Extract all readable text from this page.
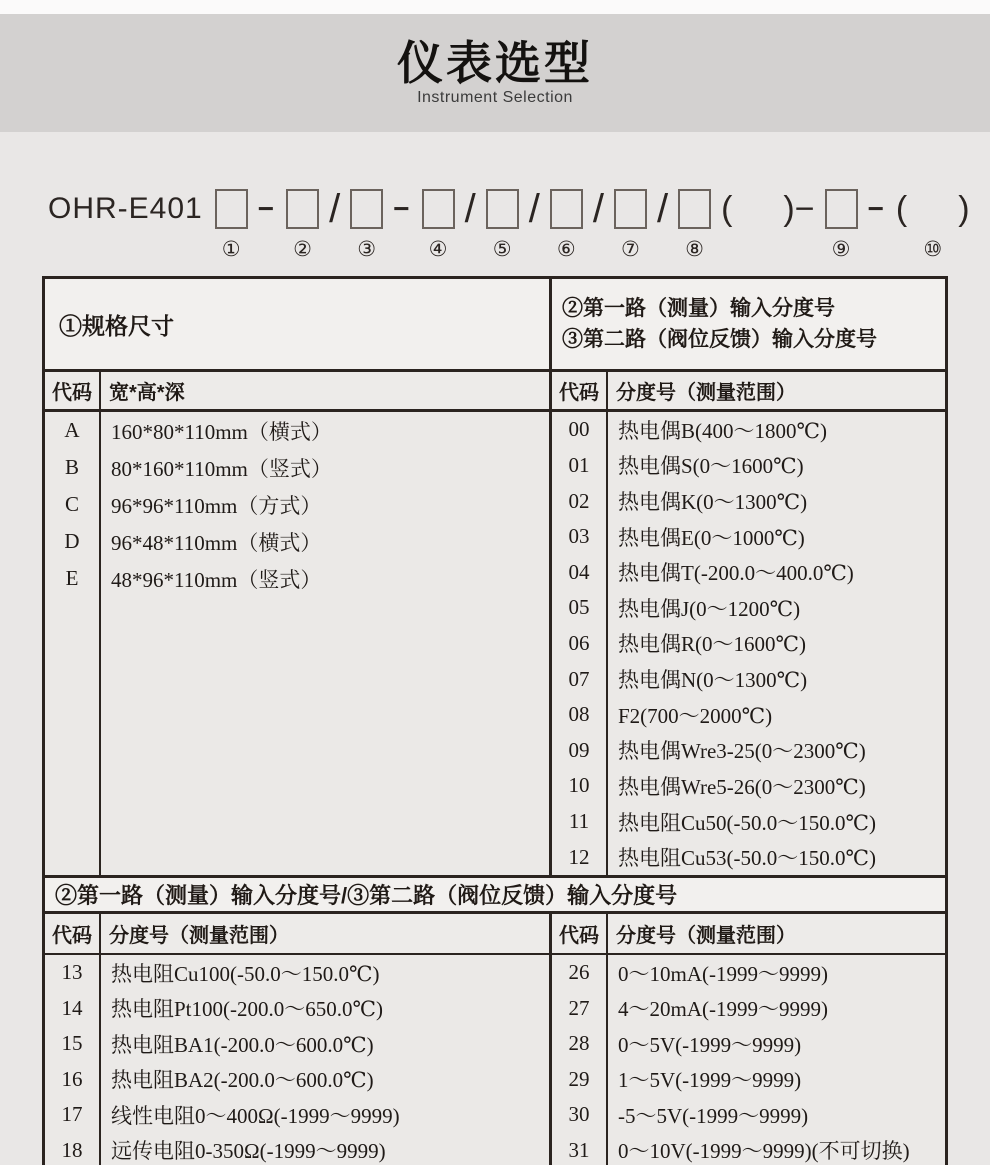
仪表选型
Instrument Selection
OHR-E401
①
−
②
/
③
−
④
/
⑤
/
⑥
/
⑦
/
⑧
(  )−
⑨
− (  )
⑩
①规格尺寸
②第一路（测量）输入分度号
③第二路（阀位反馈）输入分度号
代码 宽*高*深	代码 分度号（测量范围）
A
B
C
D
E
160*80*110mm（横式）
80*160*110mm（竖式）
96*96*110mm（方式）
96*48*110mm（横式）
48*96*110mm（竖式）
00
01
02
03
04
05
06
07
08
09
10
11
12
热电偶B(400～1800℃)
热电偶S(0～1600℃)
热电偶K(0～1300℃)
热电偶E(0～1000℃)
热电偶T(-200.0～400.0℃)
热电偶J(0～1200℃)
热电偶R(0～1600℃)
热电偶N(0～1300℃)
F2(700～2000℃)
热电偶Wre3-25(0～2300℃)
热电偶Wre5-26(0～2300℃)
热电阻Cu50(-50.0～150.0℃)
热电阻Cu53(-50.0～150.0℃)
②第一路（测量）输入分度号/③第二路（阀位反馈）输入分度号
代码 分度号（测量范围）	代码 分度号（测量范围）
13
14
15
16
17
18
热电阻Cu100(-50.0～150.0℃)
热电阻Pt100(-200.0～650.0℃)
热电阻BA1(-200.0～600.0℃)
热电阻BA2(-200.0～600.0℃)
线性电阻0～400Ω(-1999～9999)
远传电阻0-350Ω(-1999～9999)
26
27
28
29
30
31
0～10mA(-1999～9999)
4～20mA(-1999～9999)
0～5V(-1999～9999)
1～5V(-1999～9999)
-5～5V(-1999～9999)
0～10V(-1999～9999)(不可切换)
